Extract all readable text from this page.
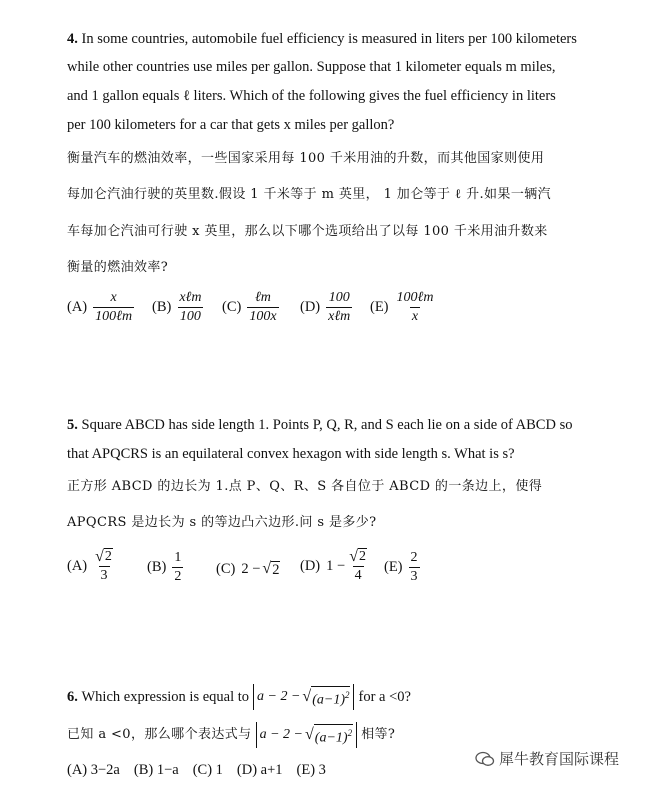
4. In some countries, automobile fuel efficiency is measured in liters per 100 kilometers
while other countries use miles per gallon. Suppose that 1 kilometer equals m miles,
and 1 gallon equals ℓ liters. Which of the following gives the fuel efficiency in liters
per 100 kilometers for a car that gets x miles per gallon?
衡量汽车的燃油效率，一些国家采用每 100 千米用油的升数，而其他国家则使用
每加仑汽油行驶的英里数.假设 1 千米等于 m 英里， 1 加仑等于 ℓ 升.如果一辆汽
车每加仑汽油可行驶 x 英里，那么以下哪个选项给出了以每 100 千米用油升数来
衡量的燃油效率?
$(A) \frac{x}{\text{100ℓm}} (B) \frac{\text{xℓm}}{100} (C) \frac{\text{ℓm}}{100x} (D) \frac{100}{\text{xℓm}} (E) \frac{\text{100ℓm}}{x}$
5. Square ABCD has side length 1. Points P, Q, R, and S each lie on a side of ABCD so
that APQCRS is an equilateral convex hexagon with side length s. What is s?
正方形 ABCD 的边长为 1.点 P、Q、R、S 各自位于 ABCD 的一条边上，使得
APQCRS 是边长为 s 的等边凸六边形.问 s 是多少?
$(A) \frac{√ 2}{3} (B) \frac{1}{2} (C) 2$ − √ 2 (D) $1 - \frac{√ 2}{4} (E) \frac{2}{3}$
6.
Which expression is equal to a − 2 − √ $(a-1)^2$ for a <0?
已知 a <0，那么哪个表达式与 a − 2 − √ $(a-1)^2$ 相等?
(A) 3−2a (B) 1−a (C) 1 (D) a+1 (E) 3
犀牛教育国际课程
